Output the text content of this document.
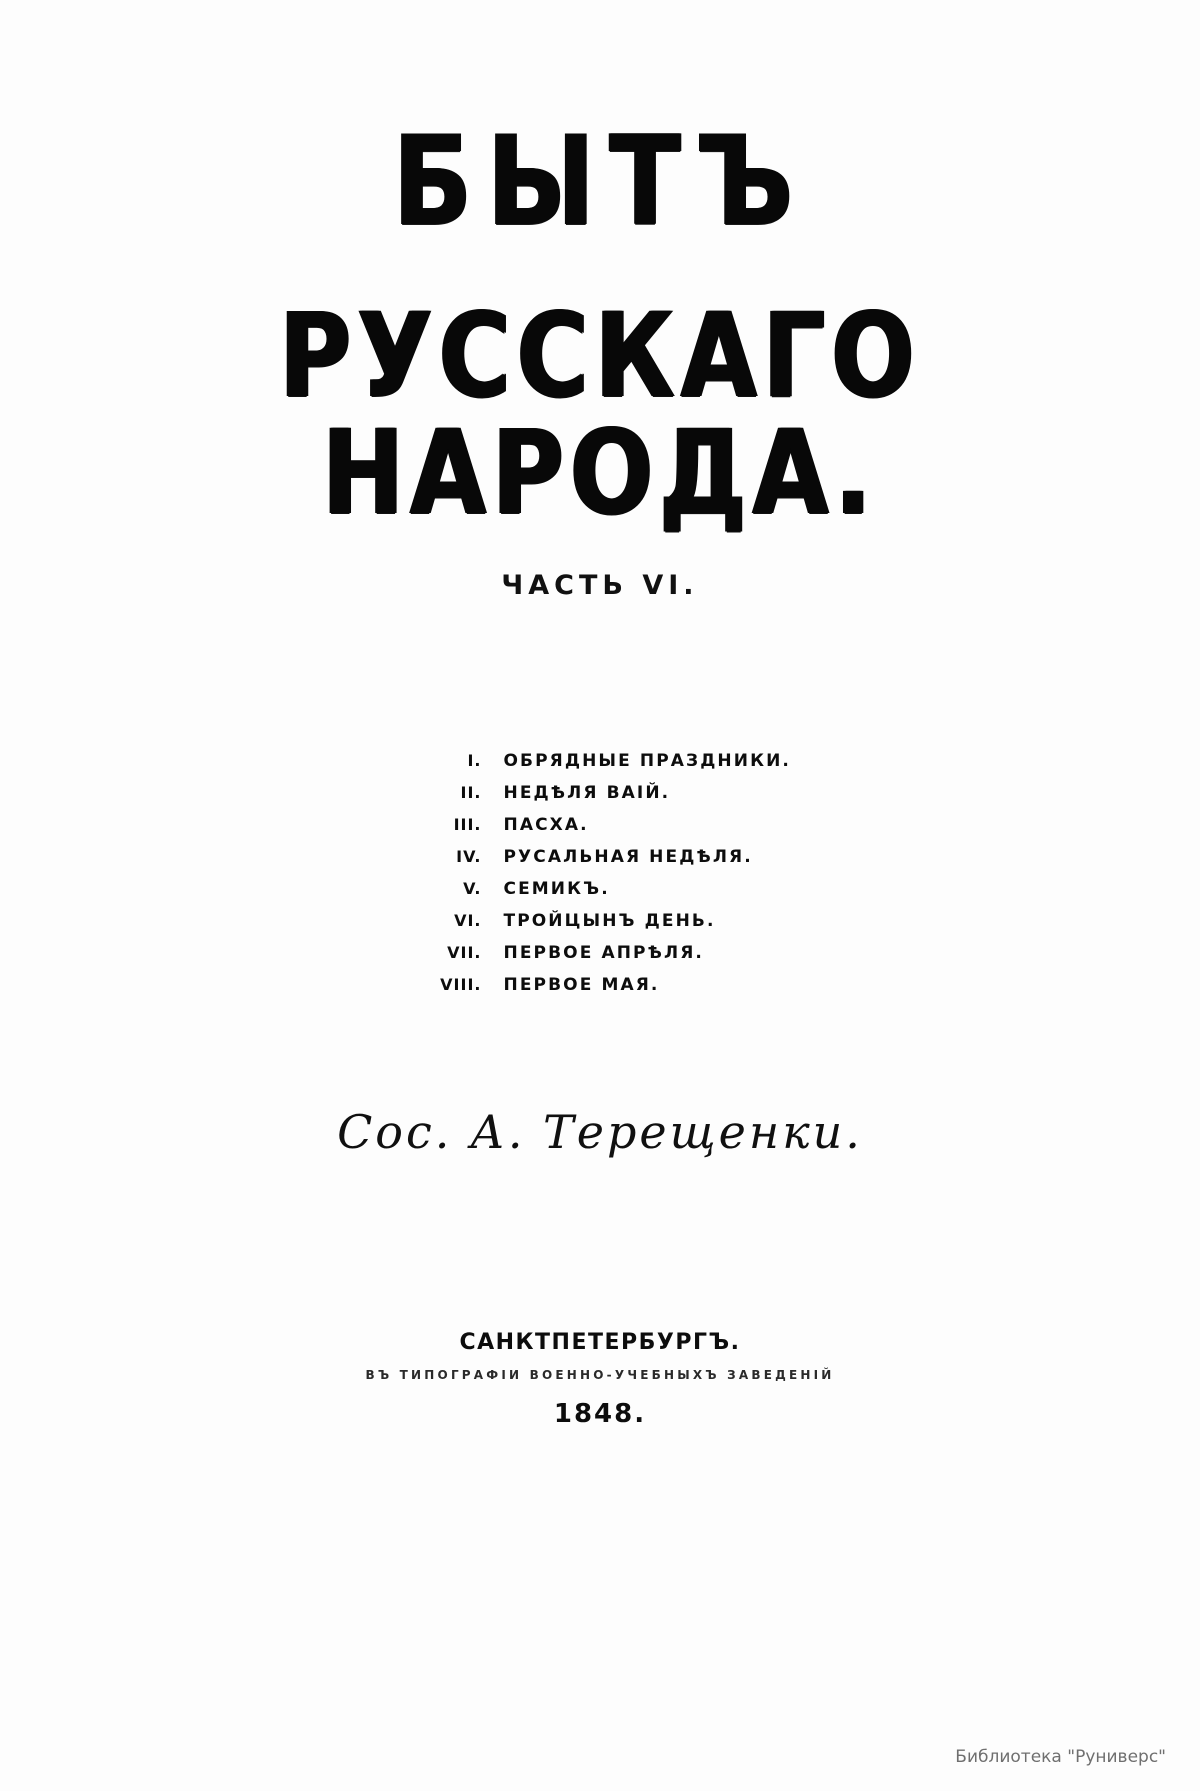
БЫТЪ
РУССКАГО НАРОДА.
ЧАСТЬ VI.
I.	ОБРЯДНЫЕ ПРАЗДНИКИ.
II.	НЕДѢЛЯ ВАIЙ.
III.	ПАСХА.
IV.	РУСАЛЬНАЯ НЕДѢЛЯ.
V.	СЕМИКЪ.
VI.	ТРОЙЦЫНЪ ДЕНЬ.
VII.	ПЕРВОЕ АПРѢЛЯ.
VIII.	ПЕРВОЕ МАЯ.
Сос. А. Терещенки.
САНКТПЕТЕРБУРГЪ.
ВЪ ТИПОГРАФІИ ВОЕННО-УЧЕБНЫХЪ ЗАВЕДЕНІЙ
1848.
Библиотека "Руниверс"
